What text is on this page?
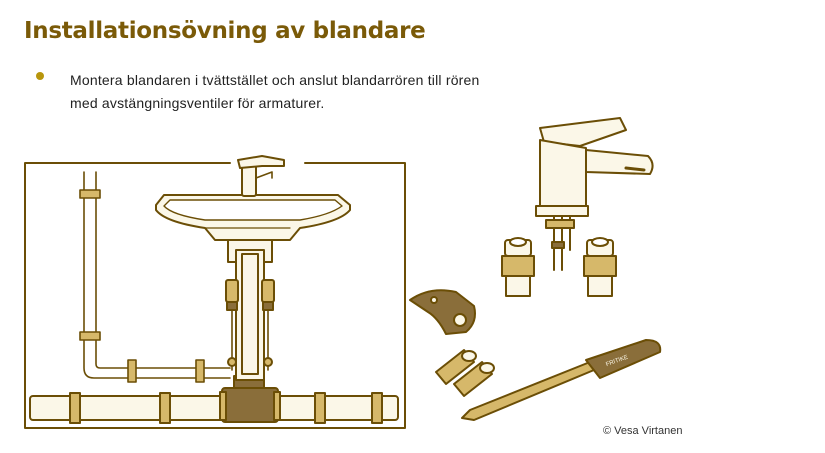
Installationsövning av blandare
Montera blandaren i tvättstället och anslut blandarrören till rören
med avstängningsventiler för armaturer.
FRITIKE
© Vesa Virtanen
